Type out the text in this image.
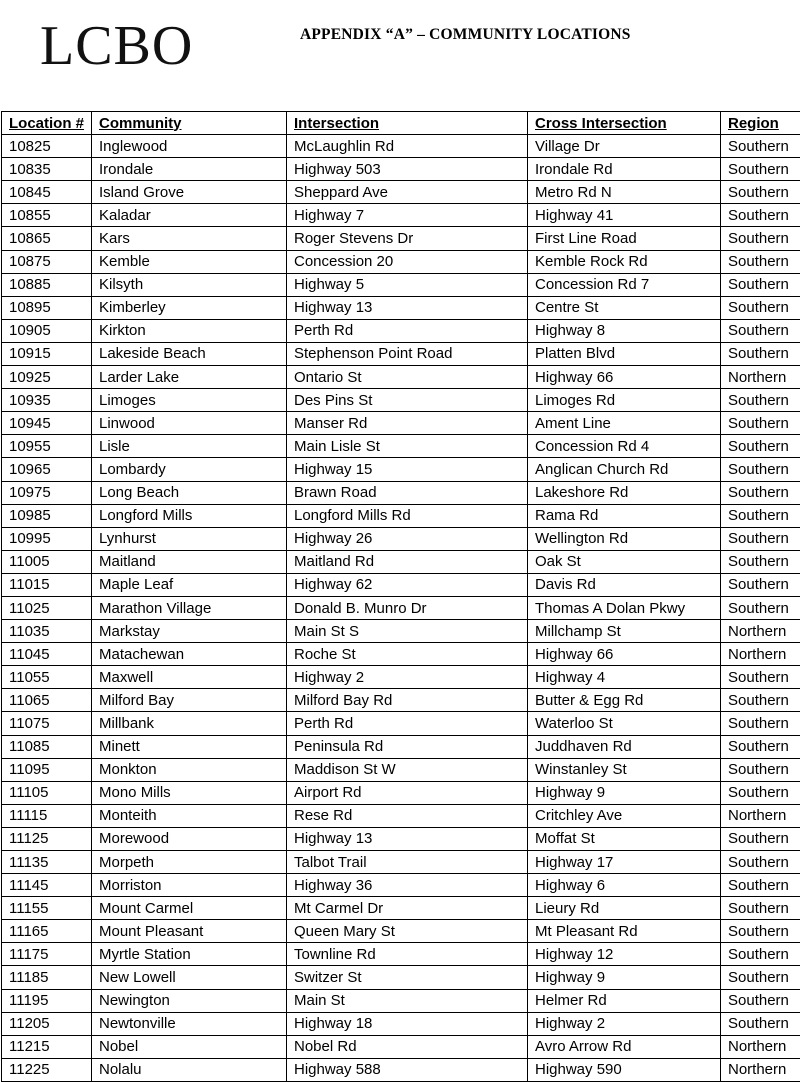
LCBO	APPENDIX “A” – COMMUNITY LOCATIONS
Location #	Community	Intersection	Cross Intersection	Region
10825	Inglewood	McLaughlin Rd	Village Dr	Southern
10835	Irondale	Highway 503	Irondale Rd	Southern
10845	Island Grove	Sheppard Ave	Metro Rd N	Southern
10855	Kaladar	Highway 7	Highway 41	Southern
10865	Kars	Roger Stevens Dr	First Line Road	Southern
10875	Kemble	Concession 20	Kemble Rock Rd	Southern
10885	Kilsyth	Highway 5	Concession Rd 7	Southern
10895	Kimberley	Highway 13	Centre St	Southern
10905	Kirkton	Perth Rd	Highway 8	Southern
10915	Lakeside Beach	Stephenson Point Road	Platten Blvd	Southern
10925	Larder Lake	Ontario St	Highway 66	Northern
10935	Limoges	Des Pins St	Limoges Rd	Southern
10945	Linwood	Manser Rd	Ament Line	Southern
10955	Lisle	Main Lisle St	Concession Rd 4	Southern
10965	Lombardy	Highway 15	Anglican Church Rd	Southern
10975	Long Beach	Brawn Road	Lakeshore Rd	Southern
10985	Longford Mills	Longford Mills Rd	Rama Rd	Southern
10995	Lynhurst	Highway 26	Wellington Rd	Southern
11005	Maitland	Maitland Rd	Oak St	Southern
11015	Maple Leaf	Highway 62	Davis Rd	Southern
11025	Marathon Village	Donald B. Munro Dr	Thomas A Dolan Pkwy	Southern
11035	Markstay	Main St S	Millchamp St	Northern
11045	Matachewan	Roche St	Highway 66	Northern
11055	Maxwell	Highway 2	Highway 4	Southern
11065	Milford Bay	Milford Bay Rd	Butter & Egg Rd	Southern
11075	Millbank	Perth Rd	Waterloo St	Southern
11085	Minett	Peninsula Rd	Juddhaven Rd	Southern
11095	Monkton	Maddison St W	Winstanley St	Southern
11105	Mono Mills	Airport Rd	Highway 9	Southern
11115	Monteith	Rese Rd	Critchley Ave	Northern
11125	Morewood	Highway 13	Moffat St	Southern
11135	Morpeth	Talbot Trail	Highway 17	Southern
11145	Morriston	Highway 36	Highway 6	Southern
11155	Mount Carmel	Mt Carmel Dr	Lieury Rd	Southern
11165	Mount Pleasant	Queen Mary St	Mt Pleasant Rd	Southern
11175	Myrtle Station	Townline Rd	Highway 12	Southern
11185	New Lowell	Switzer St	Highway 9	Southern
11195	Newington	Main St	Helmer Rd	Southern
11205	Newtonville	Highway 18	Highway 2	Southern
11215	Nobel	Nobel Rd	Avro Arrow Rd	Northern
11225	Nolalu	Highway 588	Highway 590	Northern
